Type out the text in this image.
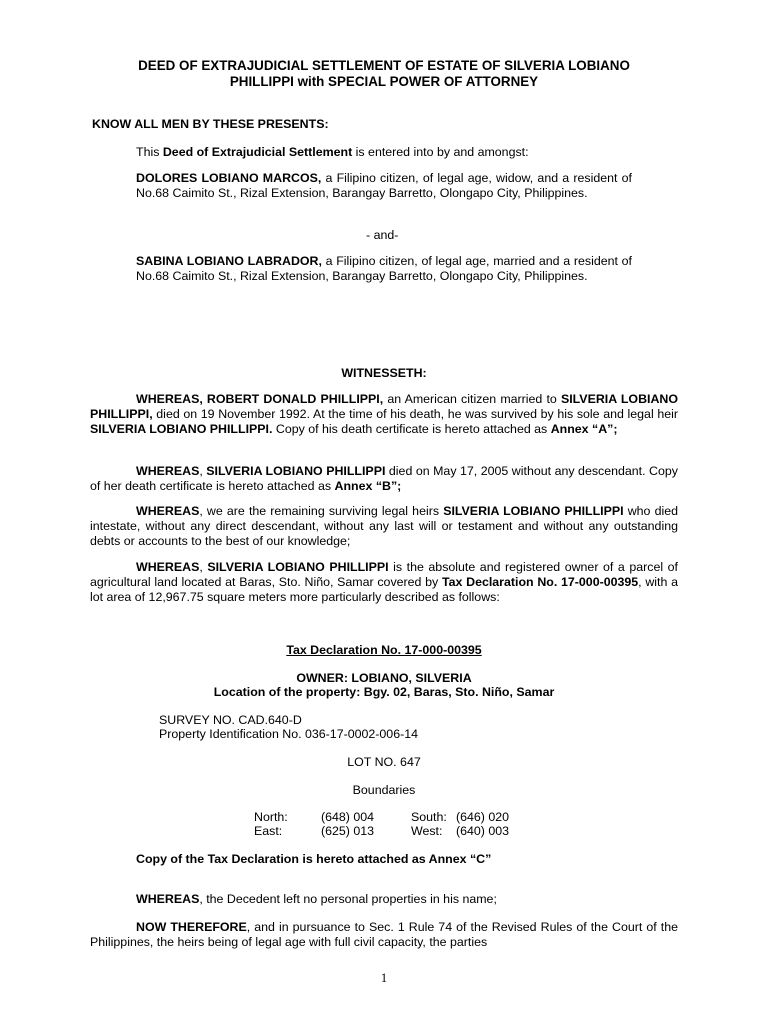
DEED OF EXTRAJUDICIAL SETTLEMENT OF ESTATE OF SILVERIA LOBIANO
PHILLIPPI with SPECIAL POWER OF ATTORNEY
KNOW ALL MEN BY THESE PRESENTS:
This Deed of Extrajudicial Settlement is entered into by and amongst:
DOLORES LOBIANO MARCOS, a Filipino citizen, of legal age, widow, and a resident of No.68 Caimito St., Rizal Extension, Barangay Barretto, Olongapo City, Philippines.
- and-
SABINA LOBIANO LABRADOR, a Filipino citizen, of legal age, married and a resident of No.68 Caimito St., Rizal Extension, Barangay Barretto, Olongapo City, Philippines.
WITNESSETH:
WHEREAS, ROBERT DONALD PHILLIPPI, an American citizen married to SILVERIA LOBIANO PHILLIPPI, died on 19 November 1992. At the time of his death, he was survived by his sole and legal heir SILVERIA LOBIANO PHILLIPPI. Copy of his death certificate is hereto attached as Annex “A”;
WHEREAS, SILVERIA LOBIANO PHILLIPPI died on May 17, 2005 without any descendant. Copy of her death certificate is hereto attached as Annex “B”;
WHEREAS, we are the remaining surviving legal heirs SILVERIA LOBIANO PHILLIPPI who died intestate, without any direct descendant, without any last will or testament and without any outstanding debts or accounts to the best of our knowledge;
WHEREAS, SILVERIA LOBIANO PHILLIPPI is the absolute and registered owner of a parcel of agricultural land located at Baras, Sto. Niño, Samar covered by Tax Declaration No. 17-000-00395, with a lot area of 12,967.75 square meters more particularly described as follows:
Tax Declaration No. 17-000-00395
OWNER: LOBIANO, SILVERIA
Location of the property: Bgy. 02, Baras, Sto. Niño, Samar
SURVEY NO. CAD.640-D
Property Identification No. 036-17-0002-006-14
LOT NO. 647
Boundaries
North:	(648) 004	South: (646) 020
East:	(625) 013	West: (640) 003
Copy of the Tax Declaration is hereto attached as Annex “C”
WHEREAS, the Decedent left no personal properties in his name;
NOW THEREFORE, and in pursuance to Sec. 1 Rule 74 of the Revised Rules of the Court of the Philippines, the heirs being of legal age with full civil capacity, the parties
1
